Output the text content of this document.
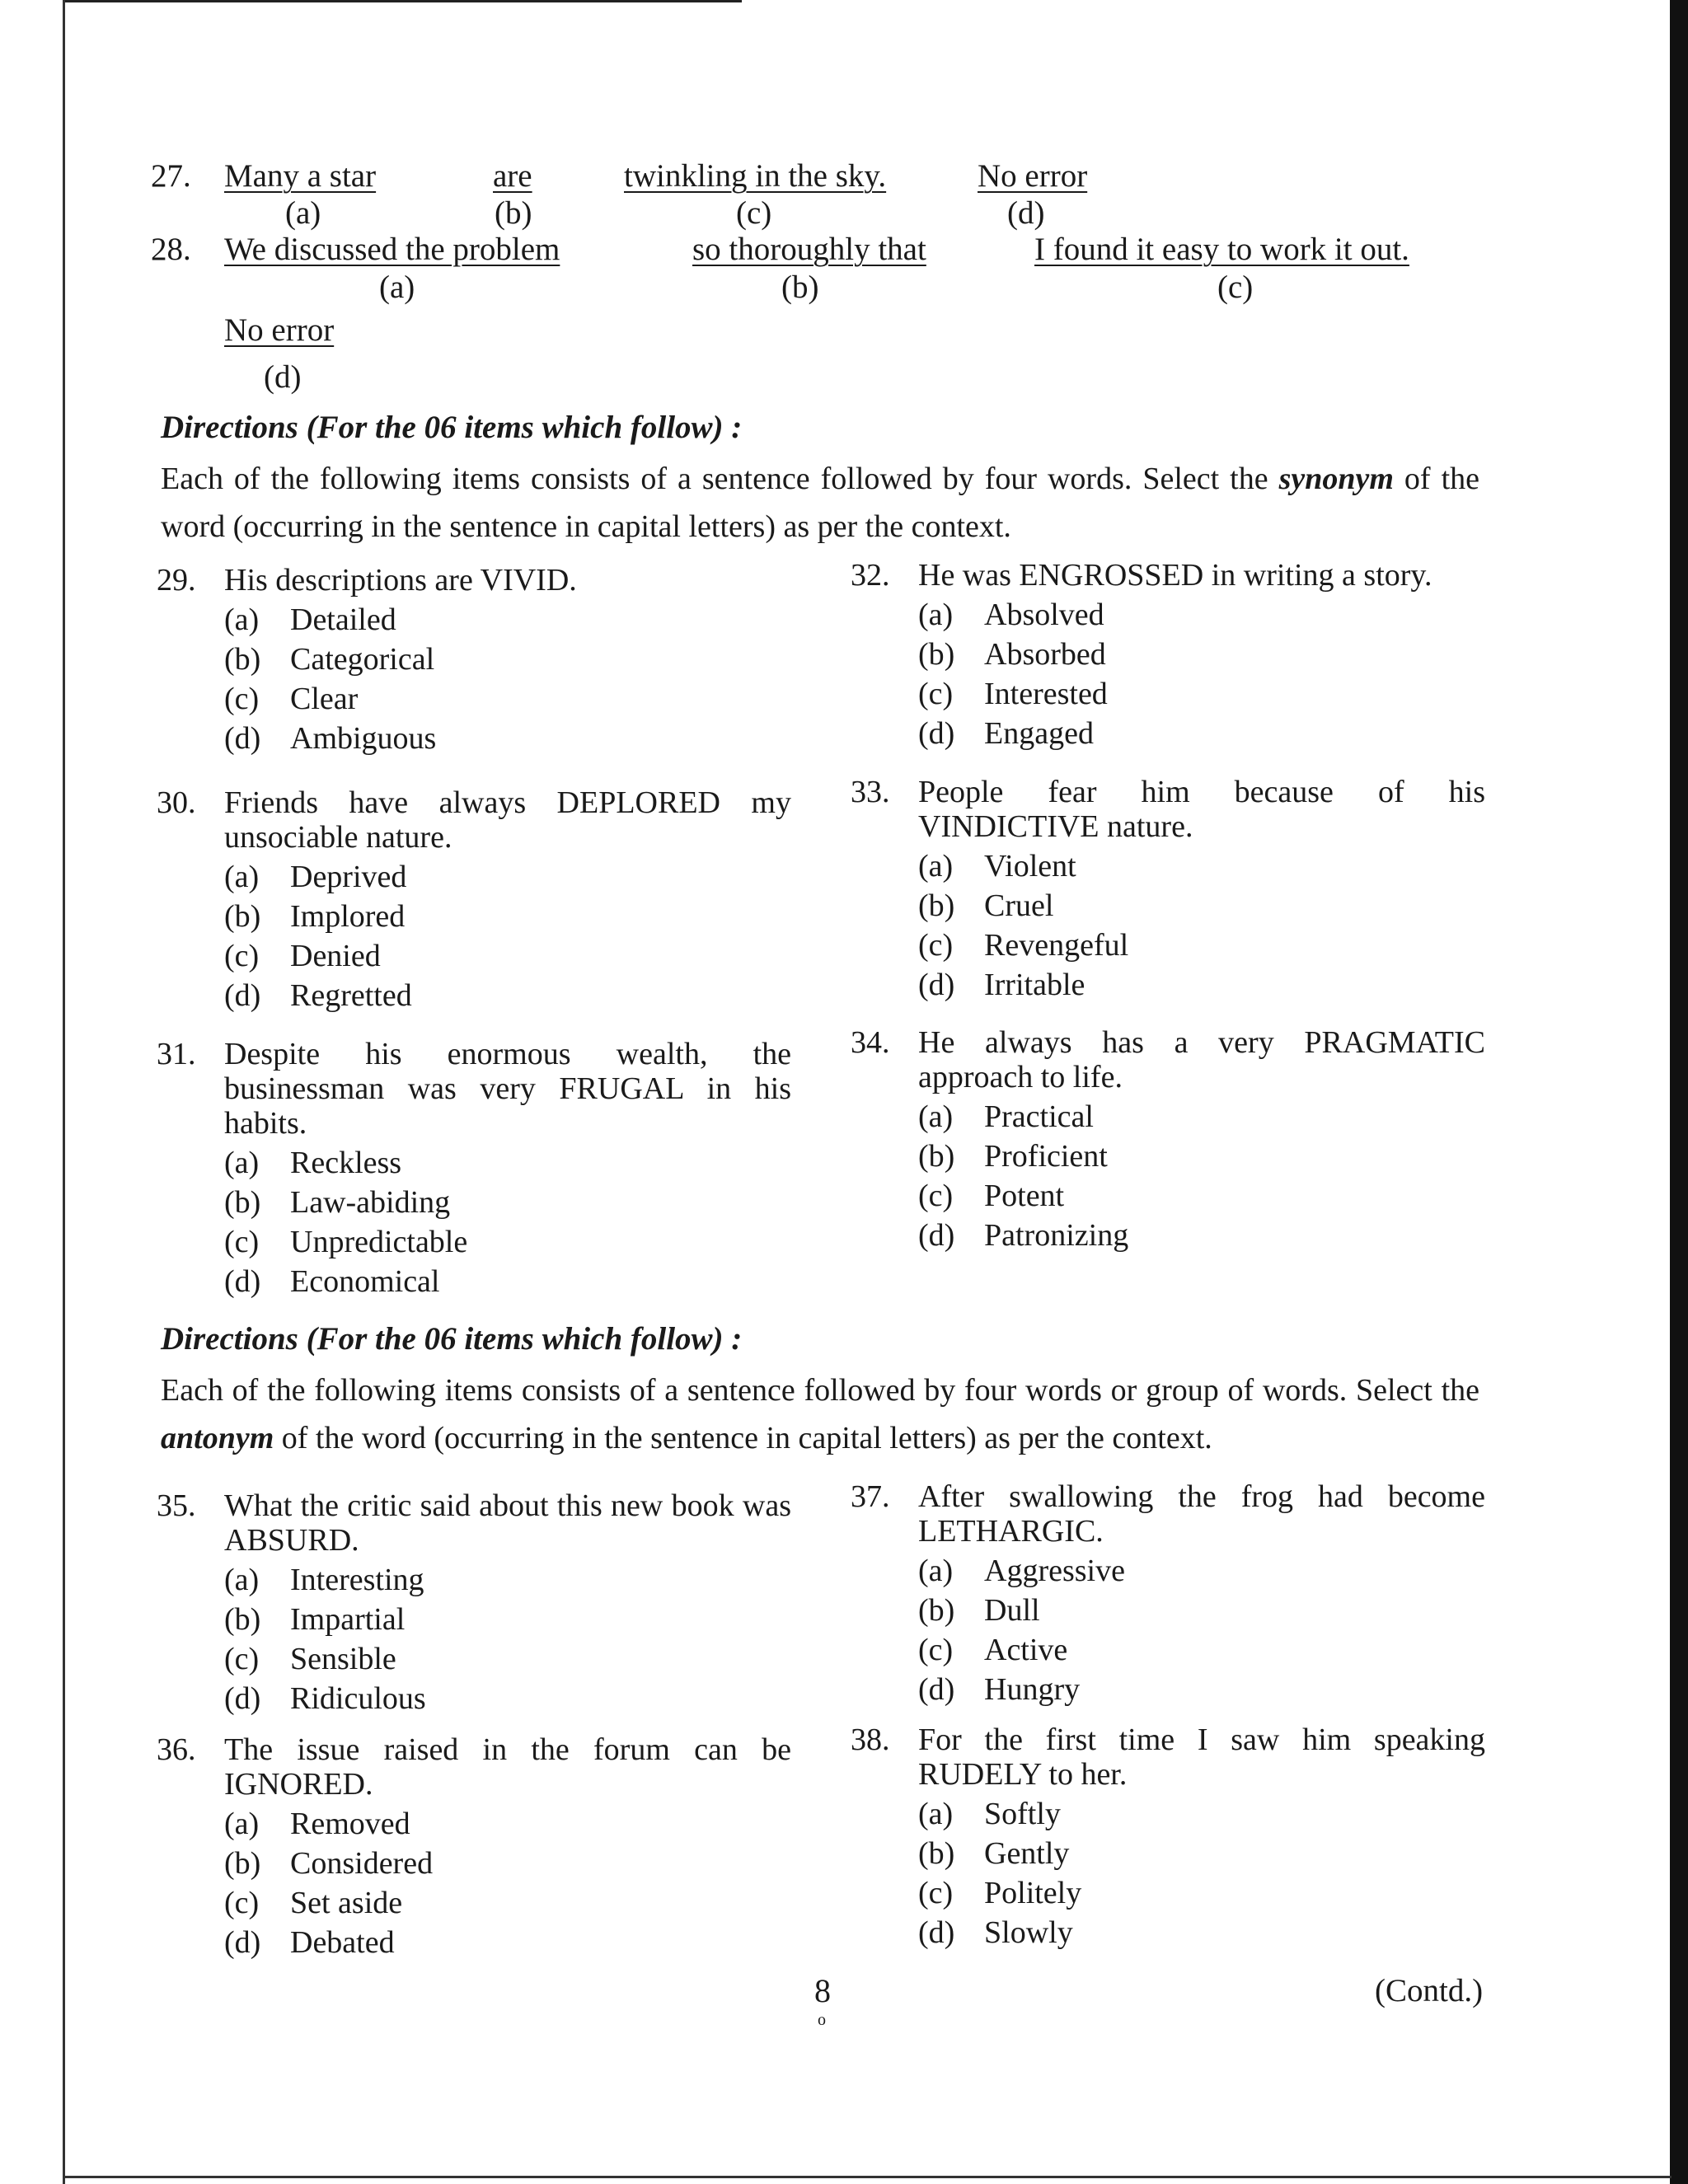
27. Many a star
(a)
are
(b)
twinkling in the sky.
(c)
No error
(d)
28. We discussed the problem
(a)
so thoroughly that
(b)
I found it easy to work it out.
(c)
No error
(d)
Directions (For the 06 items which follow) :
Each of the following items consists of a sentence followed by four words. Select the synonym of the word (occurring in the sentence in capital letters) as per the context.
29. His descriptions are VIVID.
(a) Detailed
(b) Categorical
(c) Clear
(d) Ambiguous
30. Friends have always DEPLORED my unsociable nature.
(a) Deprived
(b) Implored
(c) Denied
(d) Regretted
31. Despite his enormous wealth, the businessman was very FRUGAL in his habits.
(a) Reckless
(b) Law-abiding
(c) Unpredictable
(d) Economical
32. He was ENGROSSED in writing a story.
(a) Absolved
(b) Absorbed
(c) Interested
(d) Engaged
33. People fear him because of his VINDICTIVE nature.
(a) Violent
(b) Cruel
(c) Revengeful
(d) Irritable
34. He always has a very PRAGMATIC approach to life.
(a) Practical
(b) Proficient
(c) Potent
(d) Patronizing
Directions (For the 06 items which follow) :
Each of the following items consists of a sentence followed by four words or group of words. Select the antonym of the word (occurring in the sentence in capital letters) as per the context.
35. What the critic said about this new book was ABSURD.
(a) Interesting
(b) Impartial
(c) Sensible
(d) Ridiculous
36. The issue raised in the forum can be IGNORED.
(a) Removed
(b) Considered
(c) Set aside
(d) Debated
37. After swallowing the frog had become LETHARGIC.
(a) Aggressive
(b) Dull
(c) Active
(d) Hungry
38. For the first time I saw him speaking RUDELY to her.
(a) Softly
(b) Gently
(c) Politely
(d) Slowly
8
o
(Contd.)
